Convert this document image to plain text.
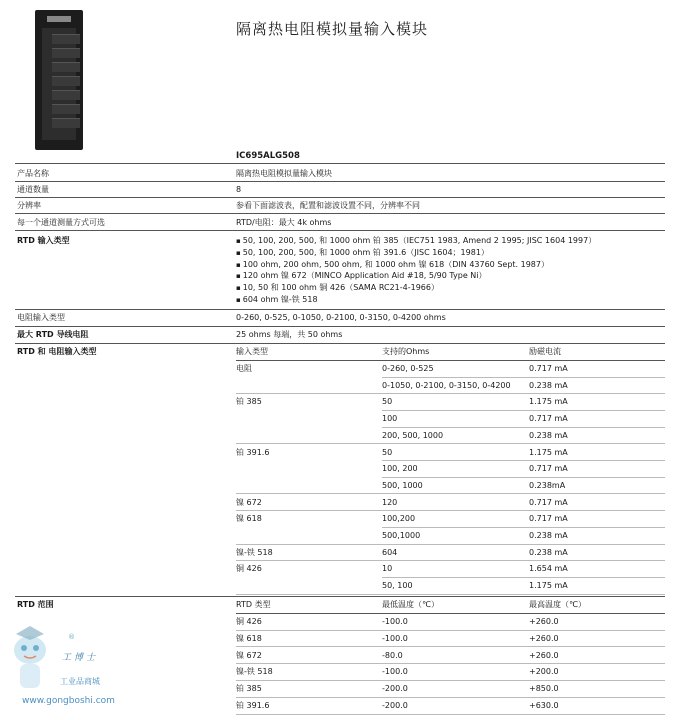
隔离热电阻模拟量输入模块
IC695ALG508
产品名称	隔离热电阻模拟量输入模块
通道数量	8
分辨率	参看下面滤波表，配置和滤波设置不同，分辨率不同
每一个通道测量方式可选	RTD/电阻：最大 4k ohms
RTD 输入类型
▪	50, 100, 200, 500, 和 1000 ohm 铂 385（IEC751 1983, Amend 2 1995; JISC 1604 1997）
▪ 50, 100, 200, 500, 和 1000 ohm 铂 391.6（JISC 1604；1981）
▪ 100 ohm, 200 ohm, 500 ohm, 和 1000 ohm 镍 618（DIN 43760 Sept. 1987）
▪ 120 ohm 镍 672（MINCO Application Aid #18, 5/90 Type Ni）
▪ 10, 50 和 100 ohm 铜 426（SAMA RC21-4-1966）
▪ 604 ohm 镍-铁 518
电阻输入类型	0-260, 0-525, 0-1050, 0-2100, 0-3150, 0-4200 ohms
最大 RTD 导线电阻	25 ohms 每端，共 50 ohms
RTD 和 电阻输入类型	输入类型	支持的Ohms	励磁电流
电阻	0-260, 0-525	0.717 mA
0-1050, 0-2100, 0-3150, 0-4200 0.238 mA
铂 385	50	1.175 mA
100	0.717 mA
200, 500, 1000	0.238 mA
铂 391.6	50	1.175 mA
100, 200	0.717 mA
500, 1000	0.238mA
镍 672	120	0.717 mA
镍 618	100,200	0.717 mA
500,1000	0.238 mA
镍-铁 518	604	0.238 mA
铜 426	10	1.654 mA
50, 100	1.175 mA
RTD 范围	RTD 类型	最低温度（℃）	最高温度（℃）
铜 426	-100.0	+260.0
镍 618	-100.0	+260.0
镍 672	-80.0	+260.0
镍-铁 518	-100.0	+200.0
铂 385	-200.0	+850.0
铂 391.6	-200.0	+630.0
®
工博士
工业品商城
www.gongboshi.com
